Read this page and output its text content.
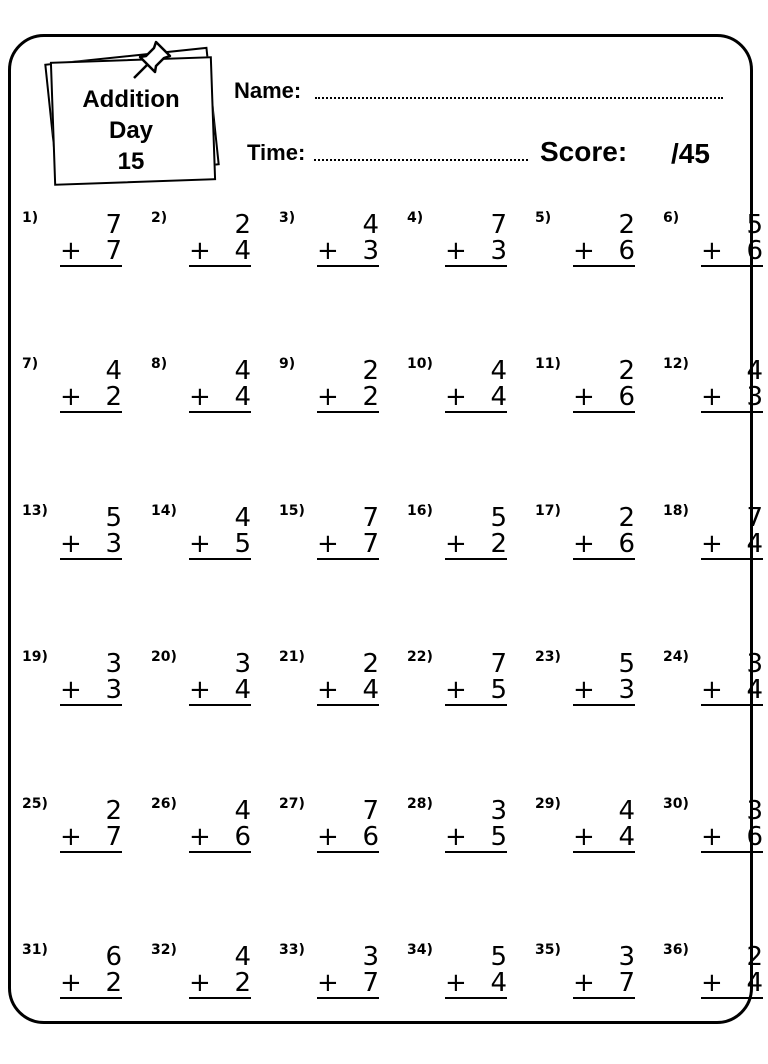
Addition
Day
15
Name:
Time:	Score: /45
1)	7
+ 7
2)	2
+ 4
3)	4
+ 3
4)	7
+ 3
5)	2
+ 6
6)	5
+ 6
7)	4
+ 2
8)	4
+ 4
9)	2
+ 2
10) 4
+ 4
11) 2
+ 6
12) 4
+ 3
13) 5
+ 3
14) 4
+ 5
15) 7
+ 7
16) 5
+ 2
17) 2
+ 6
18) 7
+ 4
19) 3
+ 3
20) 3
+ 4
21) 2
+ 4
22) 7
+ 5
23) 5
+ 3
24) 3
+ 4
25) 2
+ 7
26) 4
+ 6
27) 7
+ 6
28) 3
+ 5
29) 4
+ 4
30) 3
+ 6
31) 6
+ 2
32) 4
+ 2
33) 3
+ 7
34) 5
+ 4
35) 3
+ 7
36) 2
+ 4
